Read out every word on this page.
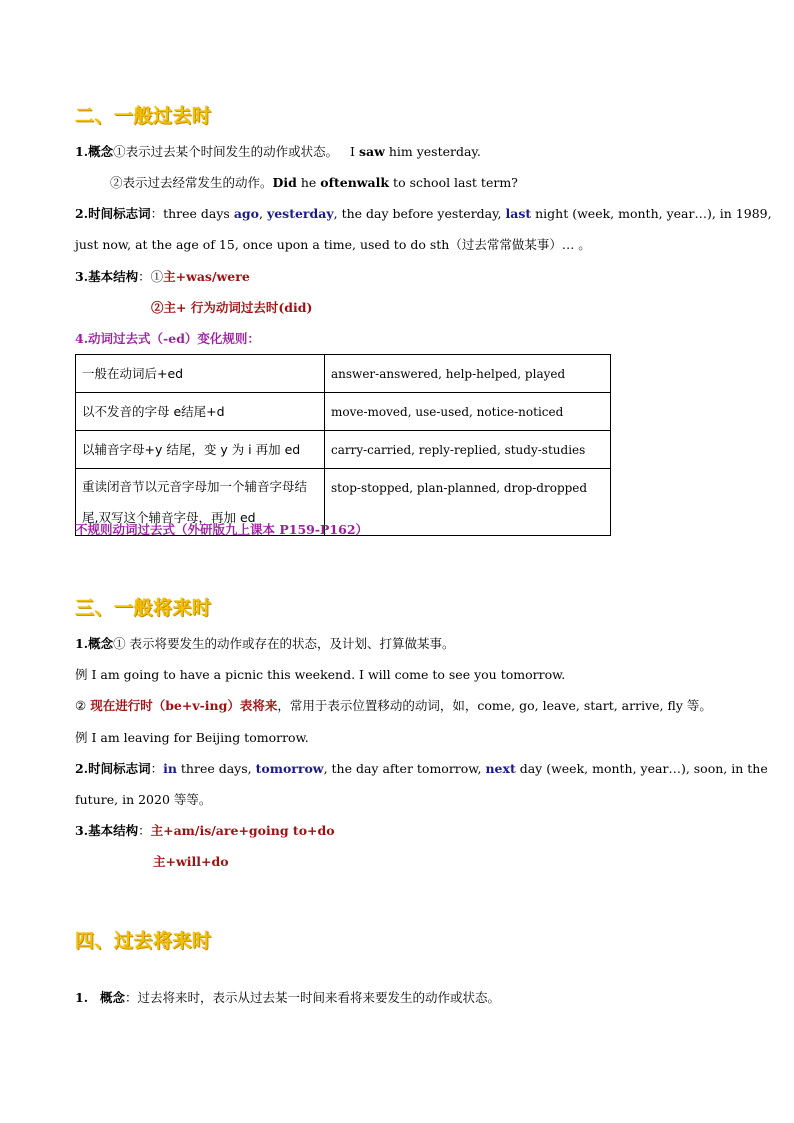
二、一般过去时
1.概念①表示过去某个时间发生的动作或状态。 I saw him yesterday.
②表示过去经常发生的动作。Did he oftenwalk to school last term?
2.时间标志词：three days ago, yesterday, the day before yesterday, last night (week, month, year…), in 1989,
just now, at the age of 15, once upon a time, used to do sth（过去常常做某事）… 。
3.基本结构：①主+was/were
②主+ 行为动词过去时(did)
4.动词过去式（-ed）变化规则：
一般在动词后+ed	answer-answered, help-helped, played
以不发音的字母 e结尾+d	move-moved, use-used, notice-noticed
以辅音字母+y 结尾，变 y 为 i 再加 ed	carry-carried, reply-replied, study-studies
重读闭音节以元音字母加一个辅音字母结尾,双写这个辅音字母，再加 ed	stop-stopped, plan-planned, drop-dropped
不规则动词过去式（外研版九上课本 P159-P162）
三、一般将来时
1.概念① 表示将要发生的动作或存在的状态，及计划、打算做某事。
例 I am going to have a picnic this weekend. I will come to see you tomorrow.
② 现在进行时（be+v-ing）表将来，常用于表示位置移动的动词，如，come, go, leave, start, arrive, fly 等。
例 I am leaving for Beijing tomorrow.
2.时间标志词：in three days, tomorrow, the day after tomorrow, next day (week, month, year…), soon, in the
future, in 2020 等等。
3.基本结构：主+am/is/are+going to+do
主+will+do
四、过去将来时
1. 概念：过去将来时，表示从过去某一时间来看将来要发生的动作或状态。
